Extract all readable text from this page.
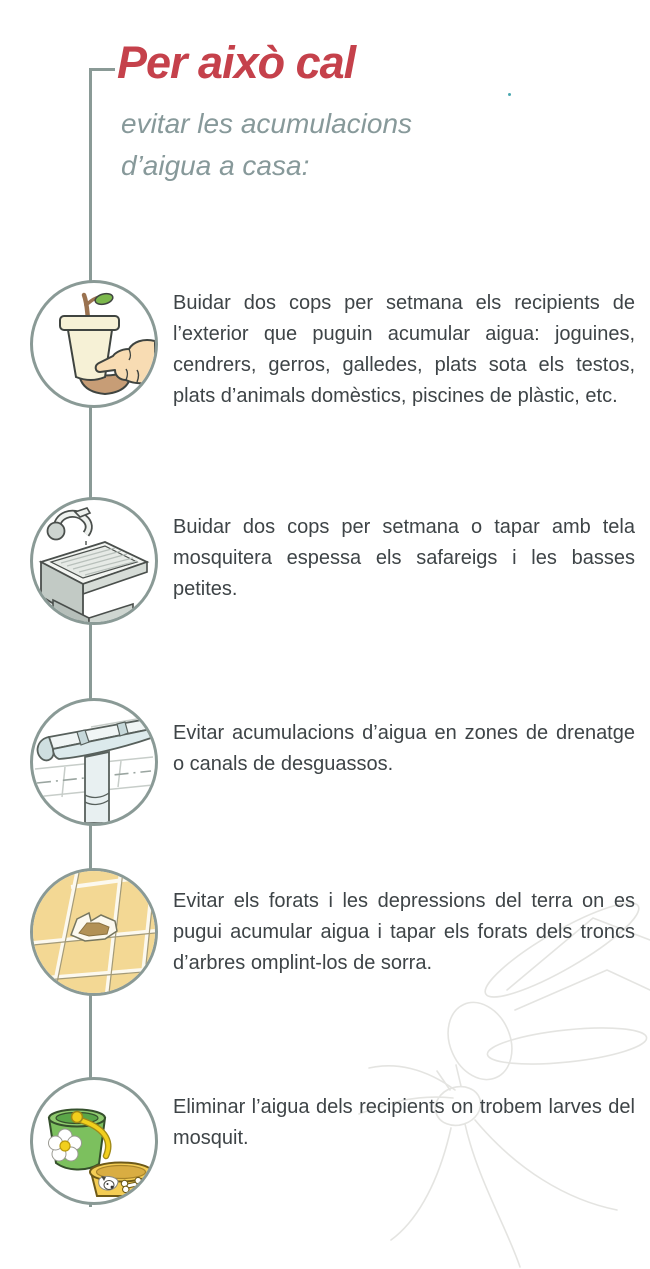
Per això cal
evitar les acumulacions d’aigua a casa:
Buidar dos cops per setmana els recipients de l’exterior que puguin acumular aigua: joguines, cendrers, gerros, galledes, plats sota els testos, plats d’animals domèstics, piscines de plàstic, etc.
Buidar dos cops per setmana o tapar amb tela mosquitera espessa els safareigs i les basses petites.
Evitar acumulacions d’aigua en zones de drenatge o canals de desguassos.
Evitar els forats i les depressions del terra on es pugui acumular aigua i tapar els forats dels troncs d’arbres omplint-los de sorra.
Eliminar l’aigua dels recipients on trobem larves del mosquit.
